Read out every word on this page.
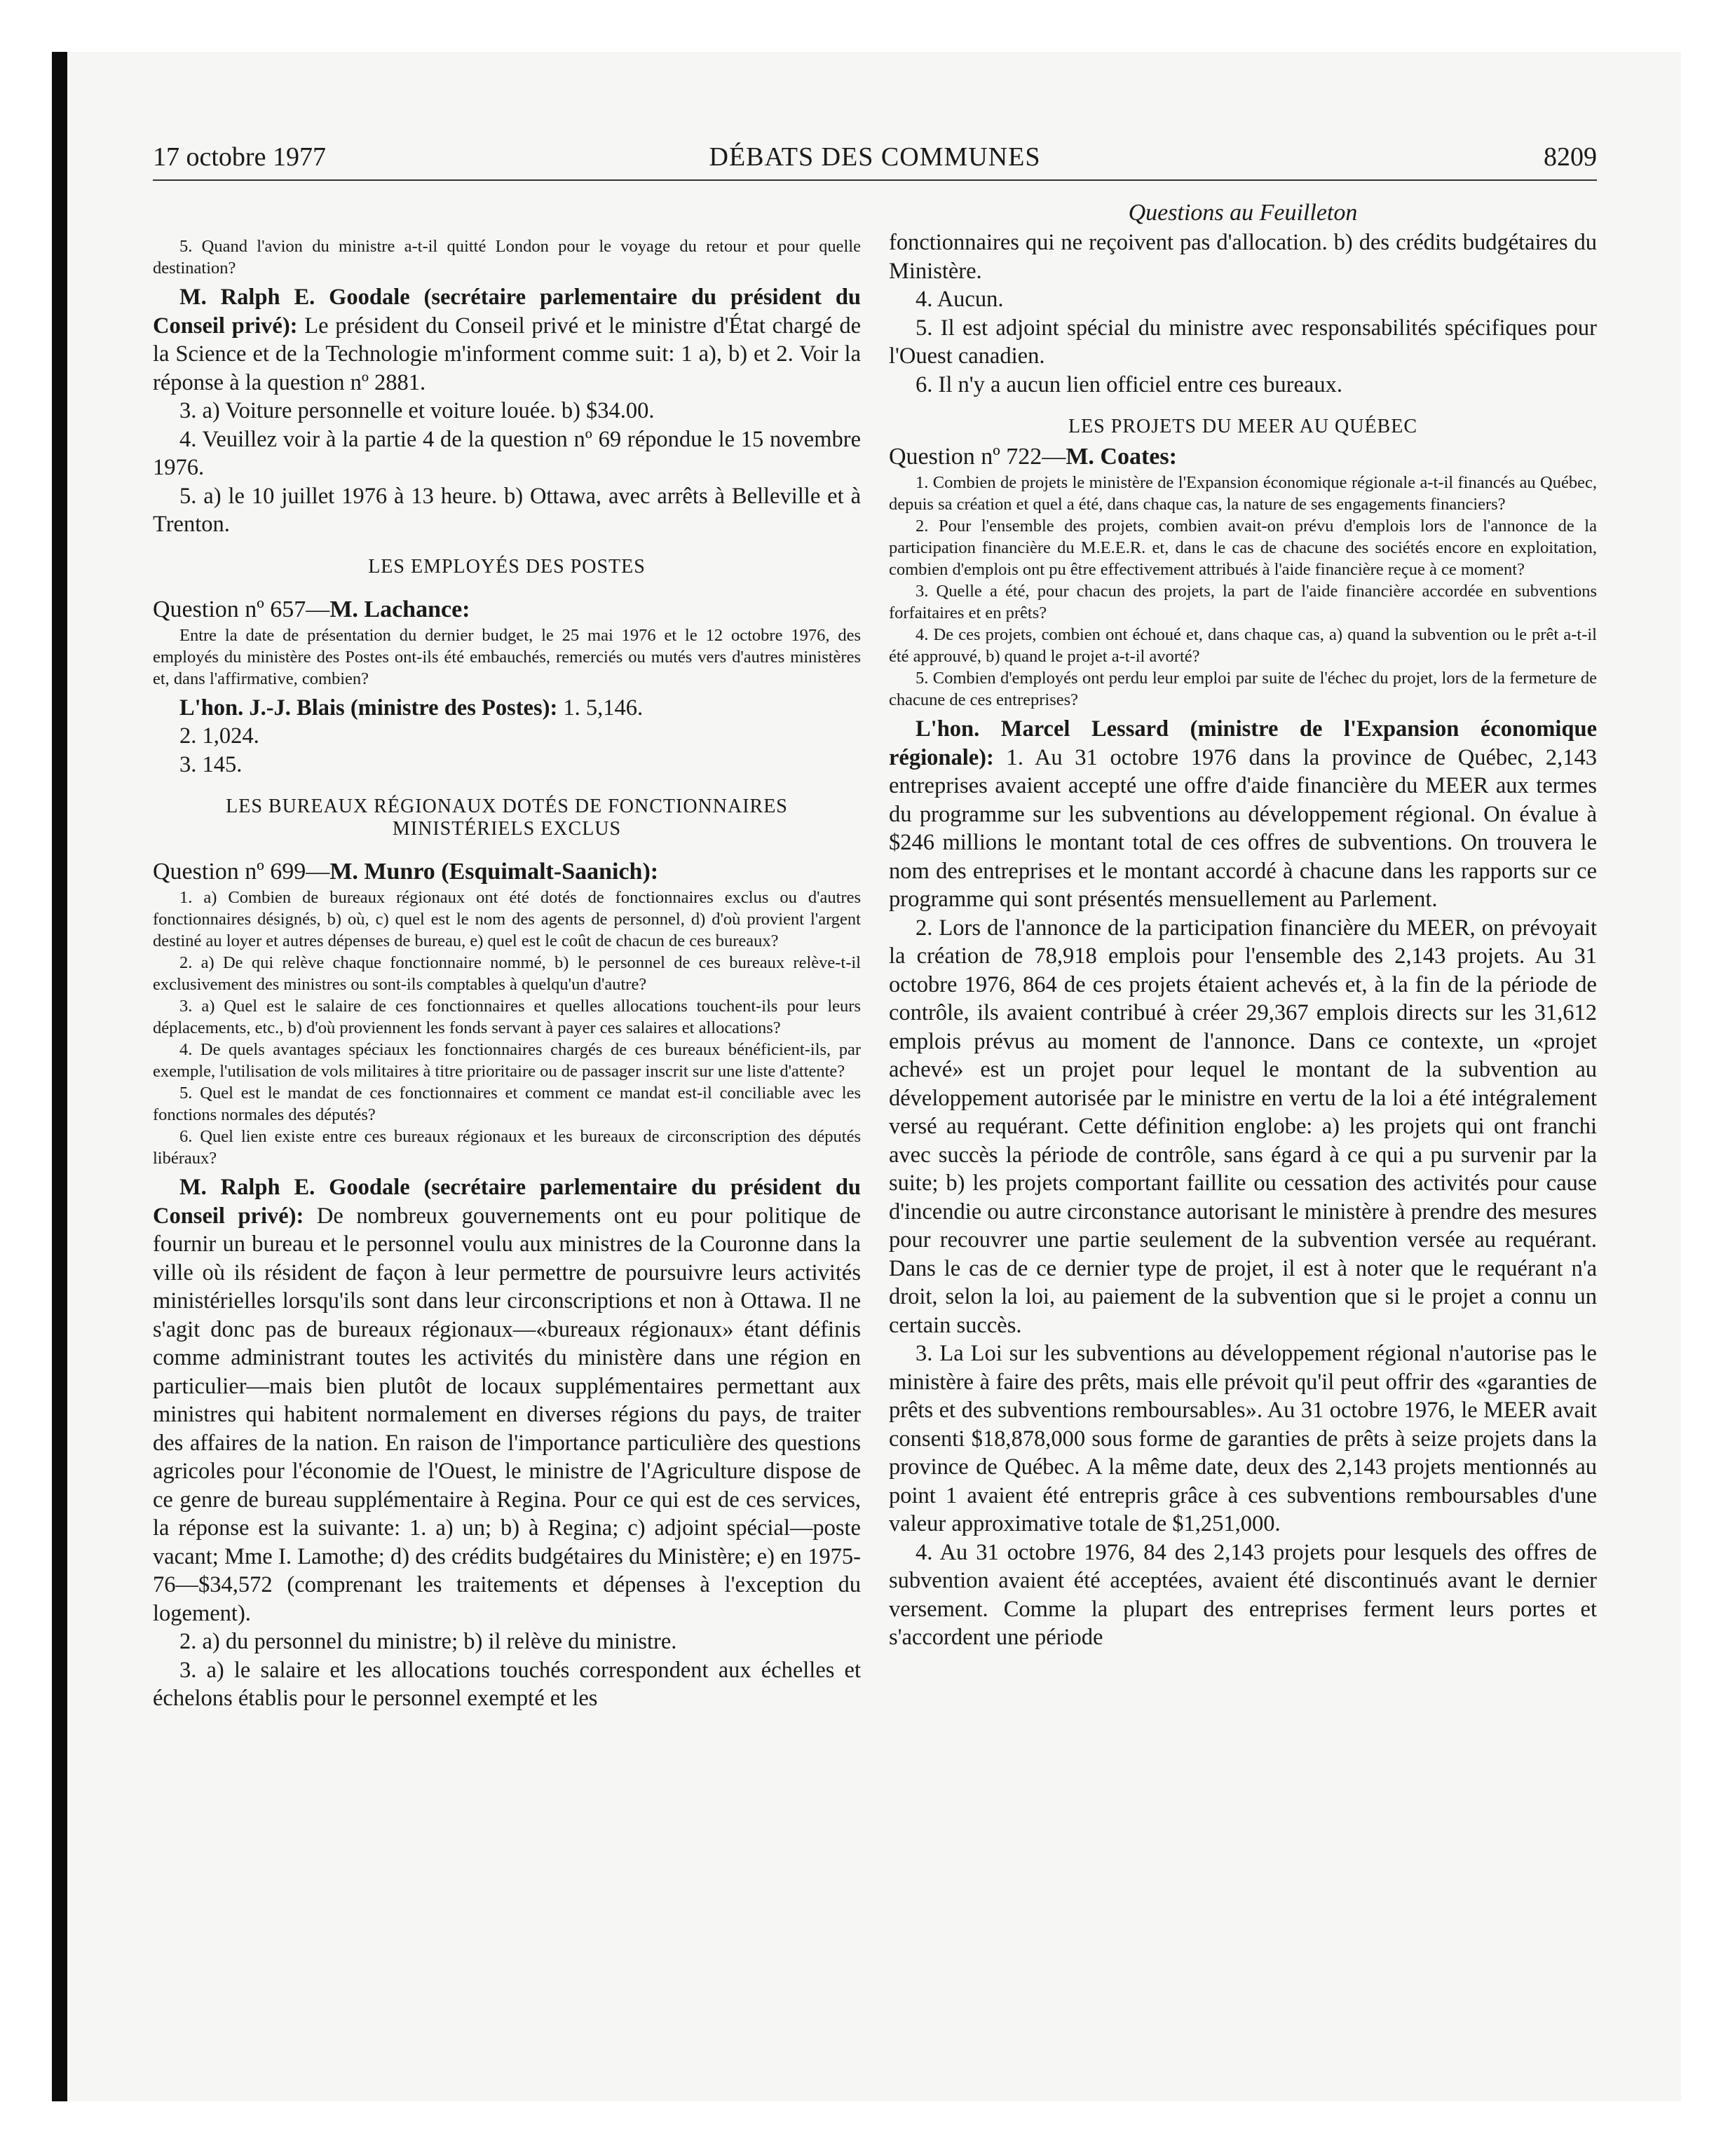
17 octobre 1977	DÉBATS DES COMMUNES	8209

5. Quand l'avion du ministre a-t-il quitté London pour le voyage du retour et pour quelle destination?

M. Ralph E. Goodale (secrétaire parlementaire du président du Conseil privé): Le président du Conseil privé et le ministre d'État chargé de la Science et de la Technologie m'informent comme suit: 1 a), b) et 2. Voir la réponse à la question nº 2881.

3. a) Voiture personnelle et voiture louée. b) $34.00.

4. Veuillez voir à la partie 4 de la question nº 69 répondue le 15 novembre 1976.

5. a) le 10 juillet 1976 à 13 heure. b) Ottawa, avec arrêts à Belleville et à Trenton.

LES EMPLOYÉS DES POSTES

Question nº 657—M. Lachance:

Entre la date de présentation du dernier budget, le 25 mai 1976 et le 12 octobre 1976, des employés du ministère des Postes ont-ils été embauchés, remerciés ou mutés vers d'autres ministères et, dans l'affirmative, combien?

L'hon. J.-J. Blais (ministre des Postes): 1. 5,146.

2. 1,024.

3. 145.

LES BUREAUX RÉGIONAUX DOTÉS DE FONCTIONNAIRES
MINISTÉRIELS EXCLUS

Question nº 699—M. Munro (Esquimalt-Saanich):

1. a) Combien de bureaux régionaux ont été dotés de fonctionnaires exclus ou d'autres fonctionnaires désignés, b) où, c) quel est le nom des agents de personnel, d) d'où provient l'argent destiné au loyer et autres dépenses de bureau, e) quel est le coût de chacun de ces bureaux?

2. a) De qui relève chaque fonctionnaire nommé, b) le personnel de ces bureaux relève-t-il exclusivement des ministres ou sont-ils comptables à quelqu'un d'autre?

3. a) Quel est le salaire de ces fonctionnaires et quelles allocations touchent-ils pour leurs déplacements, etc., b) d'où proviennent les fonds servant à payer ces salaires et allocations?

4. De quels avantages spéciaux les fonctionnaires chargés de ces bureaux bénéficient-ils, par exemple, l'utilisation de vols militaires à titre prioritaire ou de passager inscrit sur une liste d'attente?

5. Quel est le mandat de ces fonctionnaires et comment ce mandat est-il conciliable avec les fonctions normales des députés?

6. Quel lien existe entre ces bureaux régionaux et les bureaux de circonscription des députés libéraux?

M. Ralph E. Goodale (secrétaire parlementaire du président du Conseil privé): De nombreux gouvernements ont eu pour politique de fournir un bureau et le personnel voulu aux ministres de la Couronne dans la ville où ils résident de façon à leur permettre de poursuivre leurs activités ministérielles lorsqu'ils sont dans leur circonscriptions et non à Ottawa. Il ne s'agit donc pas de bureaux régionaux—«bureaux régionaux» étant définis comme administrant toutes les activités du ministère dans une région en particulier—mais bien plutôt de locaux supplémentaires permettant aux ministres qui habitent normalement en diverses régions du pays, de traiter des affaires de la nation. En raison de l'importance particulière des questions agricoles pour l'économie de l'Ouest, le ministre de l'Agriculture dispose de ce genre de bureau supplémentaire à Regina. Pour ce qui est de ces services, la réponse est la suivante: 1. a) un; b) à Regina; c) adjoint spécial—poste vacant; Mme I. Lamothe; d) des crédits budgétaires du Ministère; e) en 1975-76—$34,572 (comprenant les traitements et dépenses à l'exception du logement).

2. a) du personnel du ministre; b) il relève du ministre.

3. a) le salaire et les allocations touchés correspondent aux échelles et échelons établis pour le personnel exempté et les

Questions au Feuilleton

fonctionnaires qui ne reçoivent pas d'allocation. b) des crédits budgétaires du Ministère.

4. Aucun.

5. Il est adjoint spécial du ministre avec responsabilités spécifiques pour l'Ouest canadien.

6. Il n'y a aucun lien officiel entre ces bureaux.

LES PROJETS DU MEER AU QUÉBEC

Question nº 722—M. Coates:

1. Combien de projets le ministère de l'Expansion économique régionale a-t-il financés au Québec, depuis sa création et quel a été, dans chaque cas, la nature de ses engagements financiers?

2. Pour l'ensemble des projets, combien avait-on prévu d'emplois lors de l'annonce de la participation financière du M.E.E.R. et, dans le cas de chacune des sociétés encore en exploitation, combien d'emplois ont pu être effectivement attribués à l'aide financière reçue à ce moment?

3. Quelle a été, pour chacun des projets, la part de l'aide financière accordée en subventions forfaitaires et en prêts?

4. De ces projets, combien ont échoué et, dans chaque cas, a) quand la subvention ou le prêt a-t-il été approuvé, b) quand le projet a-t-il avorté?

5. Combien d'employés ont perdu leur emploi par suite de l'échec du projet, lors de la fermeture de chacune de ces entreprises?

L'hon. Marcel Lessard (ministre de l'Expansion économique régionale): 1. Au 31 octobre 1976 dans la province de Québec, 2,143 entreprises avaient accepté une offre d'aide financière du MEER aux termes du programme sur les subventions au développement régional. On évalue à $246 millions le montant total de ces offres de subventions. On trouvera le nom des entreprises et le montant accordé à chacune dans les rapports sur ce programme qui sont présentés mensuellement au Parlement.

2. Lors de l'annonce de la participation financière du MEER, on prévoyait la création de 78,918 emplois pour l'ensemble des 2,143 projets. Au 31 octobre 1976, 864 de ces projets étaient achevés et, à la fin de la période de contrôle, ils avaient contribué à créer 29,367 emplois directs sur les 31,612 emplois prévus au moment de l'annonce. Dans ce contexte, un «projet achevé» est un projet pour lequel le montant de la subvention au développement autorisée par le ministre en vertu de la loi a été intégralement versé au requérant. Cette définition englobe: a) les projets qui ont franchi avec succès la période de contrôle, sans égard à ce qui a pu survenir par la suite; b) les projets comportant faillite ou cessation des activités pour cause d'incendie ou autre circonstance autorisant le ministère à prendre des mesures pour recouvrer une partie seulement de la subvention versée au requérant. Dans le cas de ce dernier type de projet, il est à noter que le requérant n'a droit, selon la loi, au paiement de la subvention que si le projet a connu un certain succès.

3. La Loi sur les subventions au développement régional n'autorise pas le ministère à faire des prêts, mais elle prévoit qu'il peut offrir des «garanties de prêts et des subventions remboursables». Au 31 octobre 1976, le MEER avait consenti $18,878,000 sous forme de garanties de prêts à seize projets dans la province de Québec. A la même date, deux des 2,143 projets mentionnés au point 1 avaient été entrepris grâce à ces subventions remboursables d'une valeur approximative totale de $1,251,000.

4. Au 31 octobre 1976, 84 des 2,143 projets pour lesquels des offres de subvention avaient été acceptées, avaient été discontinués avant le dernier versement. Comme la plupart des entreprises ferment leurs portes et s'accordent une période
